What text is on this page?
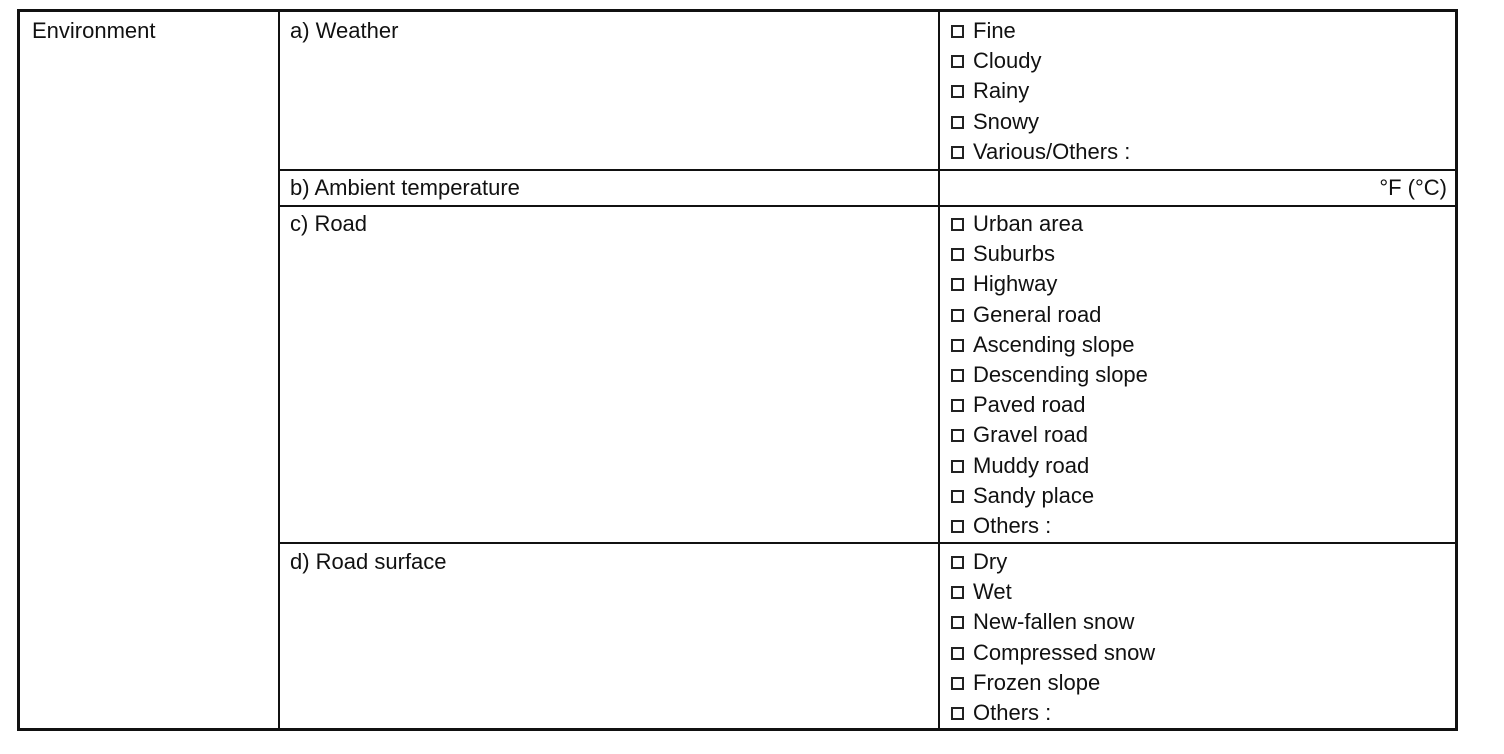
Environment	a) Weather
b) Ambient temperature
c) Road
d) Road surface
°F (°C)
Fine
Cloudy
Rainy
Snowy
Various/Others :
Urban area
Suburbs
Highway
General road
Ascending slope
Descending slope
Paved road
Gravel road
Muddy road
Sandy place
Others :
Dry
Wet
New-fallen snow
Compressed snow
Frozen slope
Others :
